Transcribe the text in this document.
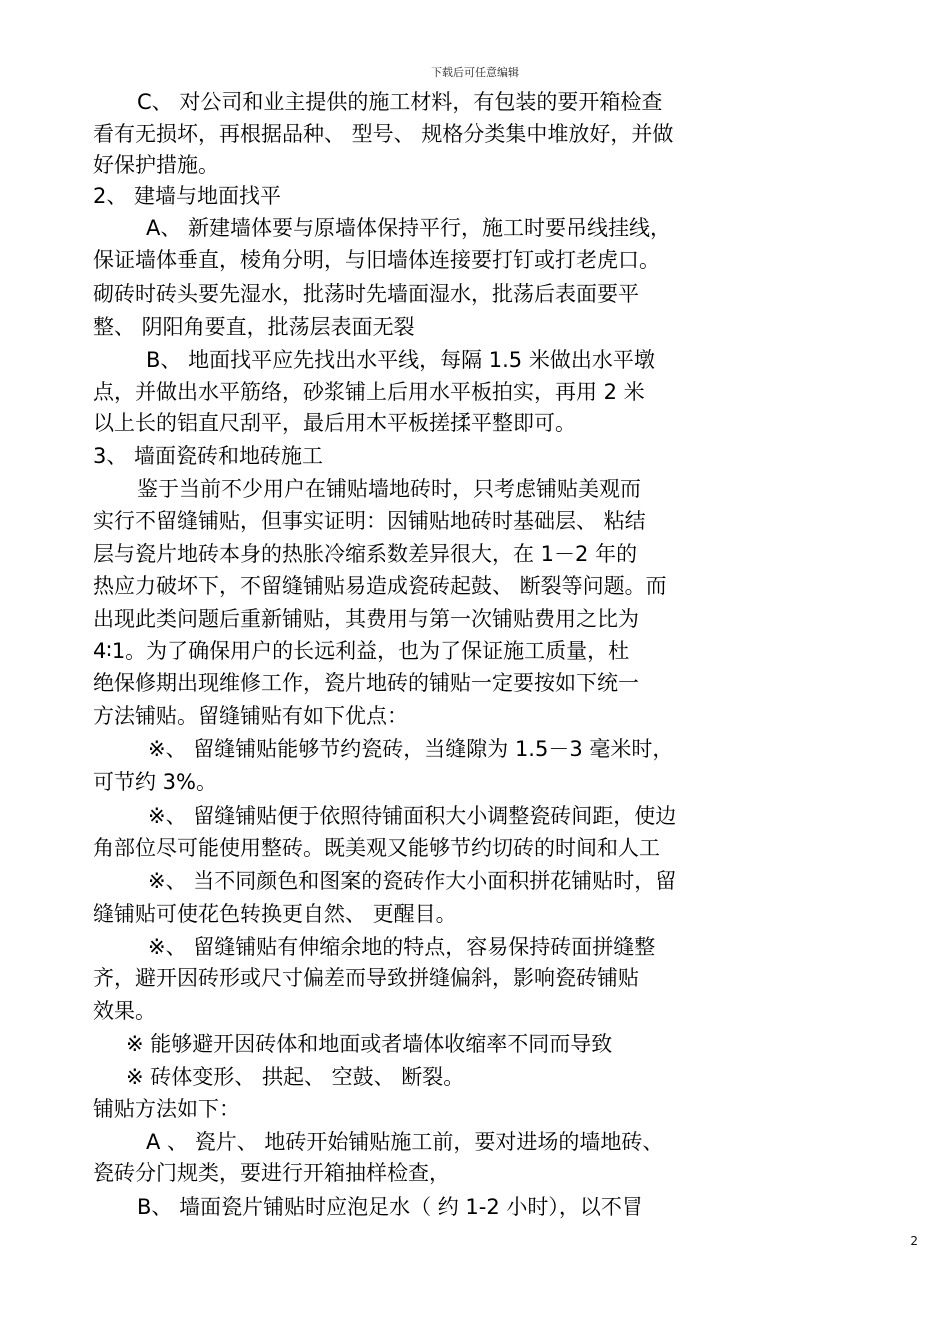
下载后可任意编辑
C、 对公司和业主提供的施工材料，有包装的要开箱检查
看有无损坏，再根据品种、 型号、 规格分类集中堆放好，并做
好保护措施。
2、 建墙与地面找平
A、 新建墙体要与原墙体保持平行，施工时要吊线挂线，
保证墙体垂直，棱角分明，与旧墙体连接要打钉或打老虎口。
砌砖时砖头要先湿水，批荡时先墙面湿水，批荡后表面要平
整、 阴阳角要直，批荡层表面无裂
B、 地面找平应先找出水平线，每隔 1.5 米做出水平墩
点，并做出水平筋络，砂浆铺上后用水平板拍实，再用 2 米
以上长的铝直尺刮平，最后用木平板搓揉平整即可。
3、 墙面瓷砖和地砖施工
鉴于当前不少用户在铺贴墙地砖时，只考虑铺贴美观而
实行不留缝铺贴，但事实证明：因铺贴地砖时基础层、 粘结
层与瓷片地砖本身的热胀冷缩系数差异很大，在 1－2 年的
热应力破坏下，不留缝铺贴易造成瓷砖起鼓、 断裂等问题。而
出现此类问题后重新铺贴，其费用与第一次铺贴费用之比为
4∶1。为了确保用户的长远利益，也为了保证施工质量，杜
绝保修期出现维修工作，瓷片地砖的铺贴一定要按如下统一
方法铺贴。留缝铺贴有如下优点：
※、 留缝铺贴能够节约瓷砖，当缝隙为 1.5－3 毫米时，
可节约 3%。
※、 留缝铺贴便于依照待铺面积大小调整瓷砖间距，使边
角部位尽可能使用整砖。既美观又能够节约切砖的时间和人工
※、 当不同颜色和图案的瓷砖作大小面积拼花铺贴时，留
缝铺贴可使花色转换更自然、 更醒目。
※、 留缝铺贴有伸缩余地的特点，容易保持砖面拼缝整
齐，避开因砖形或尺寸偏差而导致拼缝偏斜，影响瓷砖铺贴
效果。
※ 能够避开因砖体和地面或者墙体收缩率不同而导致
※ 砖体变形、 拱起、 空鼓、 断裂。
铺贴方法如下：
A 、 瓷片、 地砖开始铺贴施工前，要对进场的墙地砖、
瓷砖分门规类，要进行开箱抽样检查，
B、 墙面瓷片铺贴时应泡足水（ 约 1-2 小时），以不冒
2
